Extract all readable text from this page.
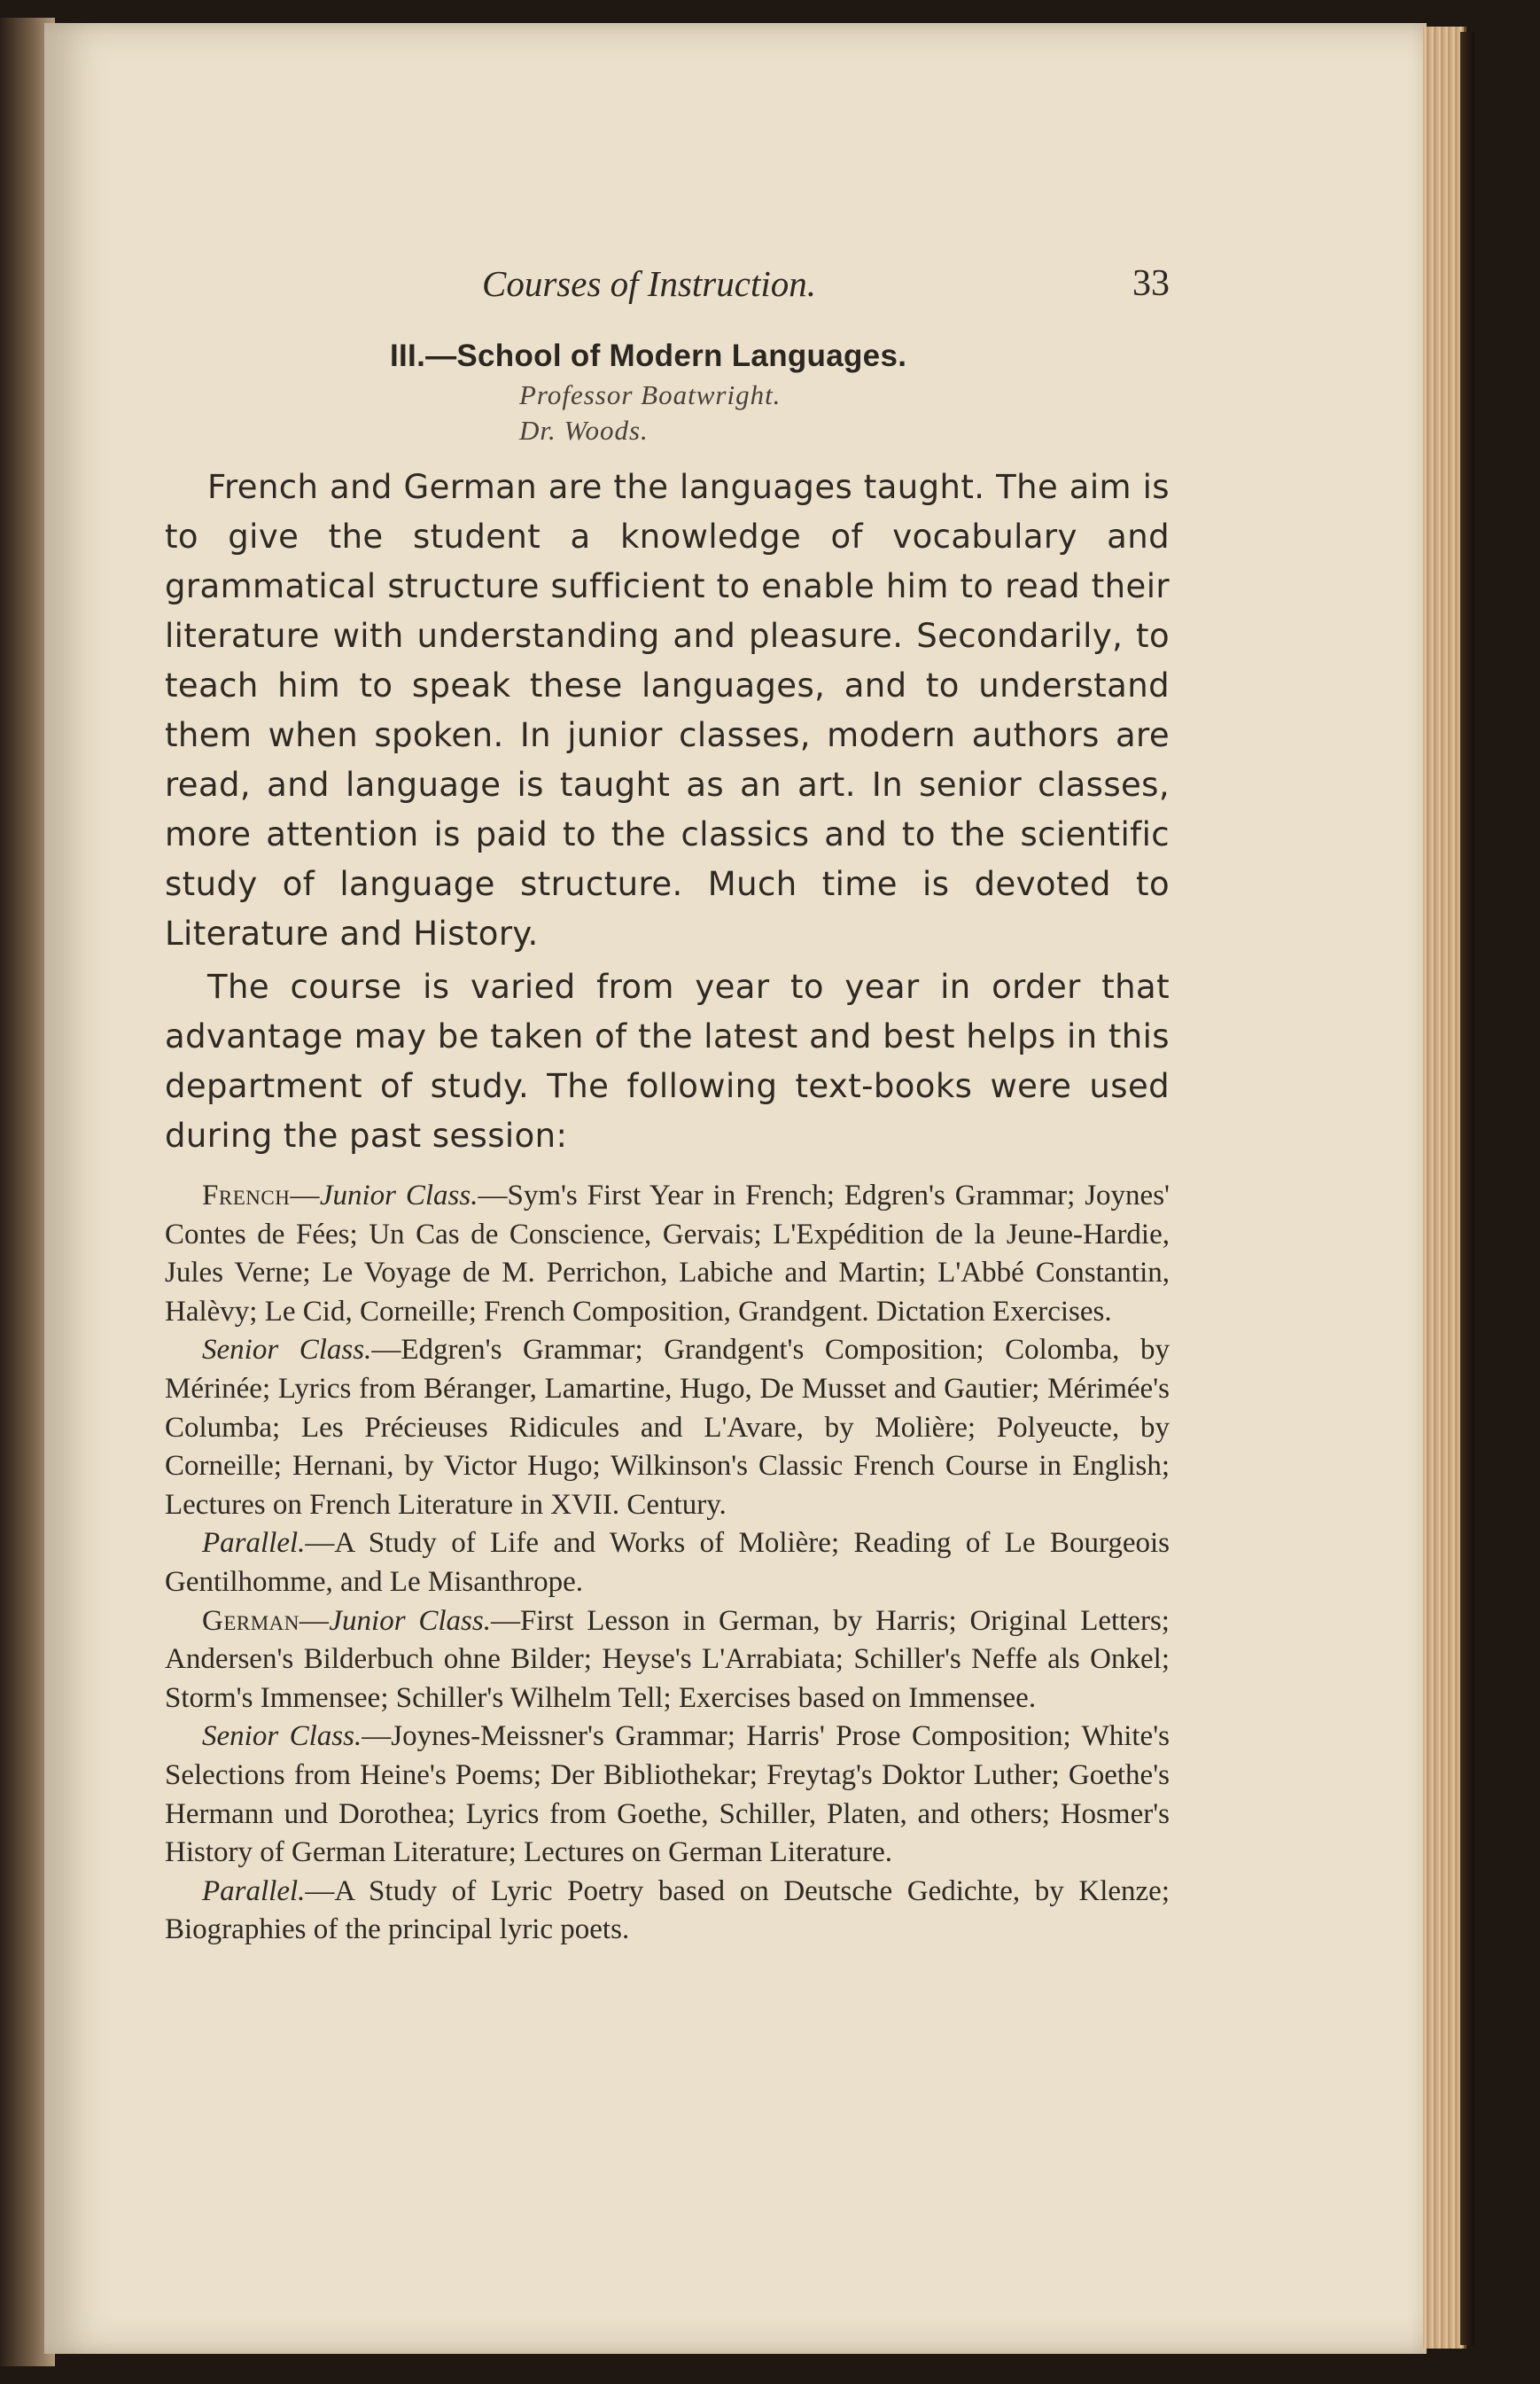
Courses of Instruction.	33
III.—School of Modern Languages.
Professor Boatwright.
Dr. Woods.

French and German are the languages taught. The aim is to give the student a knowledge of vocabulary and grammatical structure sufficient to enable him to read their literature with understanding and pleasure. Secondarily, to teach him to speak these languages, and to understand them when spoken. In junior classes, modern authors are read, and language is taught as an art. In senior classes, more attention is paid to the classics and to the scientific study of language structure. Much time is devoted to Literature and History.

The course is varied from year to year in order that advantage may be taken of the latest and best helps in this department of study. The following text-books were used during the past session:

French—Junior Class.—Sym's First Year in French; Edgren's Grammar; Joynes' Contes de Fées; Un Cas de Conscience, Gervais; L'Expédition de la Jeune-Hardie, Jules Verne; Le Voyage de M. Perrichon, Labiche and Martin; L'Abbé Constantin, Halèvy; Le Cid, Corneille; French Composition, Grandgent. Dictation Exercises.

Senior Class.—Edgren's Grammar; Grandgent's Composition; Colomba, by Mérinée; Lyrics from Béranger, Lamartine, Hugo, De Musset and Gautier; Mérimée's Columba; Les Précieuses Ridicules and L'Avare, by Molière; Polyeucte, by Corneille; Hernani, by Victor Hugo; Wilkinson's Classic French Course in English; Lectures on French Literature in XVII. Century.

Parallel.—A Study of Life and Works of Molière; Reading of Le Bourgeois Gentilhomme, and Le Misanthrope.

German—Junior Class.—First Lesson in German, by Harris; Original Letters; Andersen's Bilderbuch ohne Bilder; Heyse's L'Arrabiata; Schiller's Neffe als Onkel; Storm's Immensee; Schiller's Wilhelm Tell; Exercises based on Immensee.

Senior Class.—Joynes-Meissner's Grammar; Harris' Prose Composition; White's Selections from Heine's Poems; Der Bibliothekar; Freytag's Doktor Luther; Goethe's Hermann und Dorothea; Lyrics from Goethe, Schiller, Platen, and others; Hosmer's History of German Literature; Lectures on German Literature.

Parallel.—A Study of Lyric Poetry based on Deutsche Gedichte, by Klenze; Biographies of the principal lyric poets.
